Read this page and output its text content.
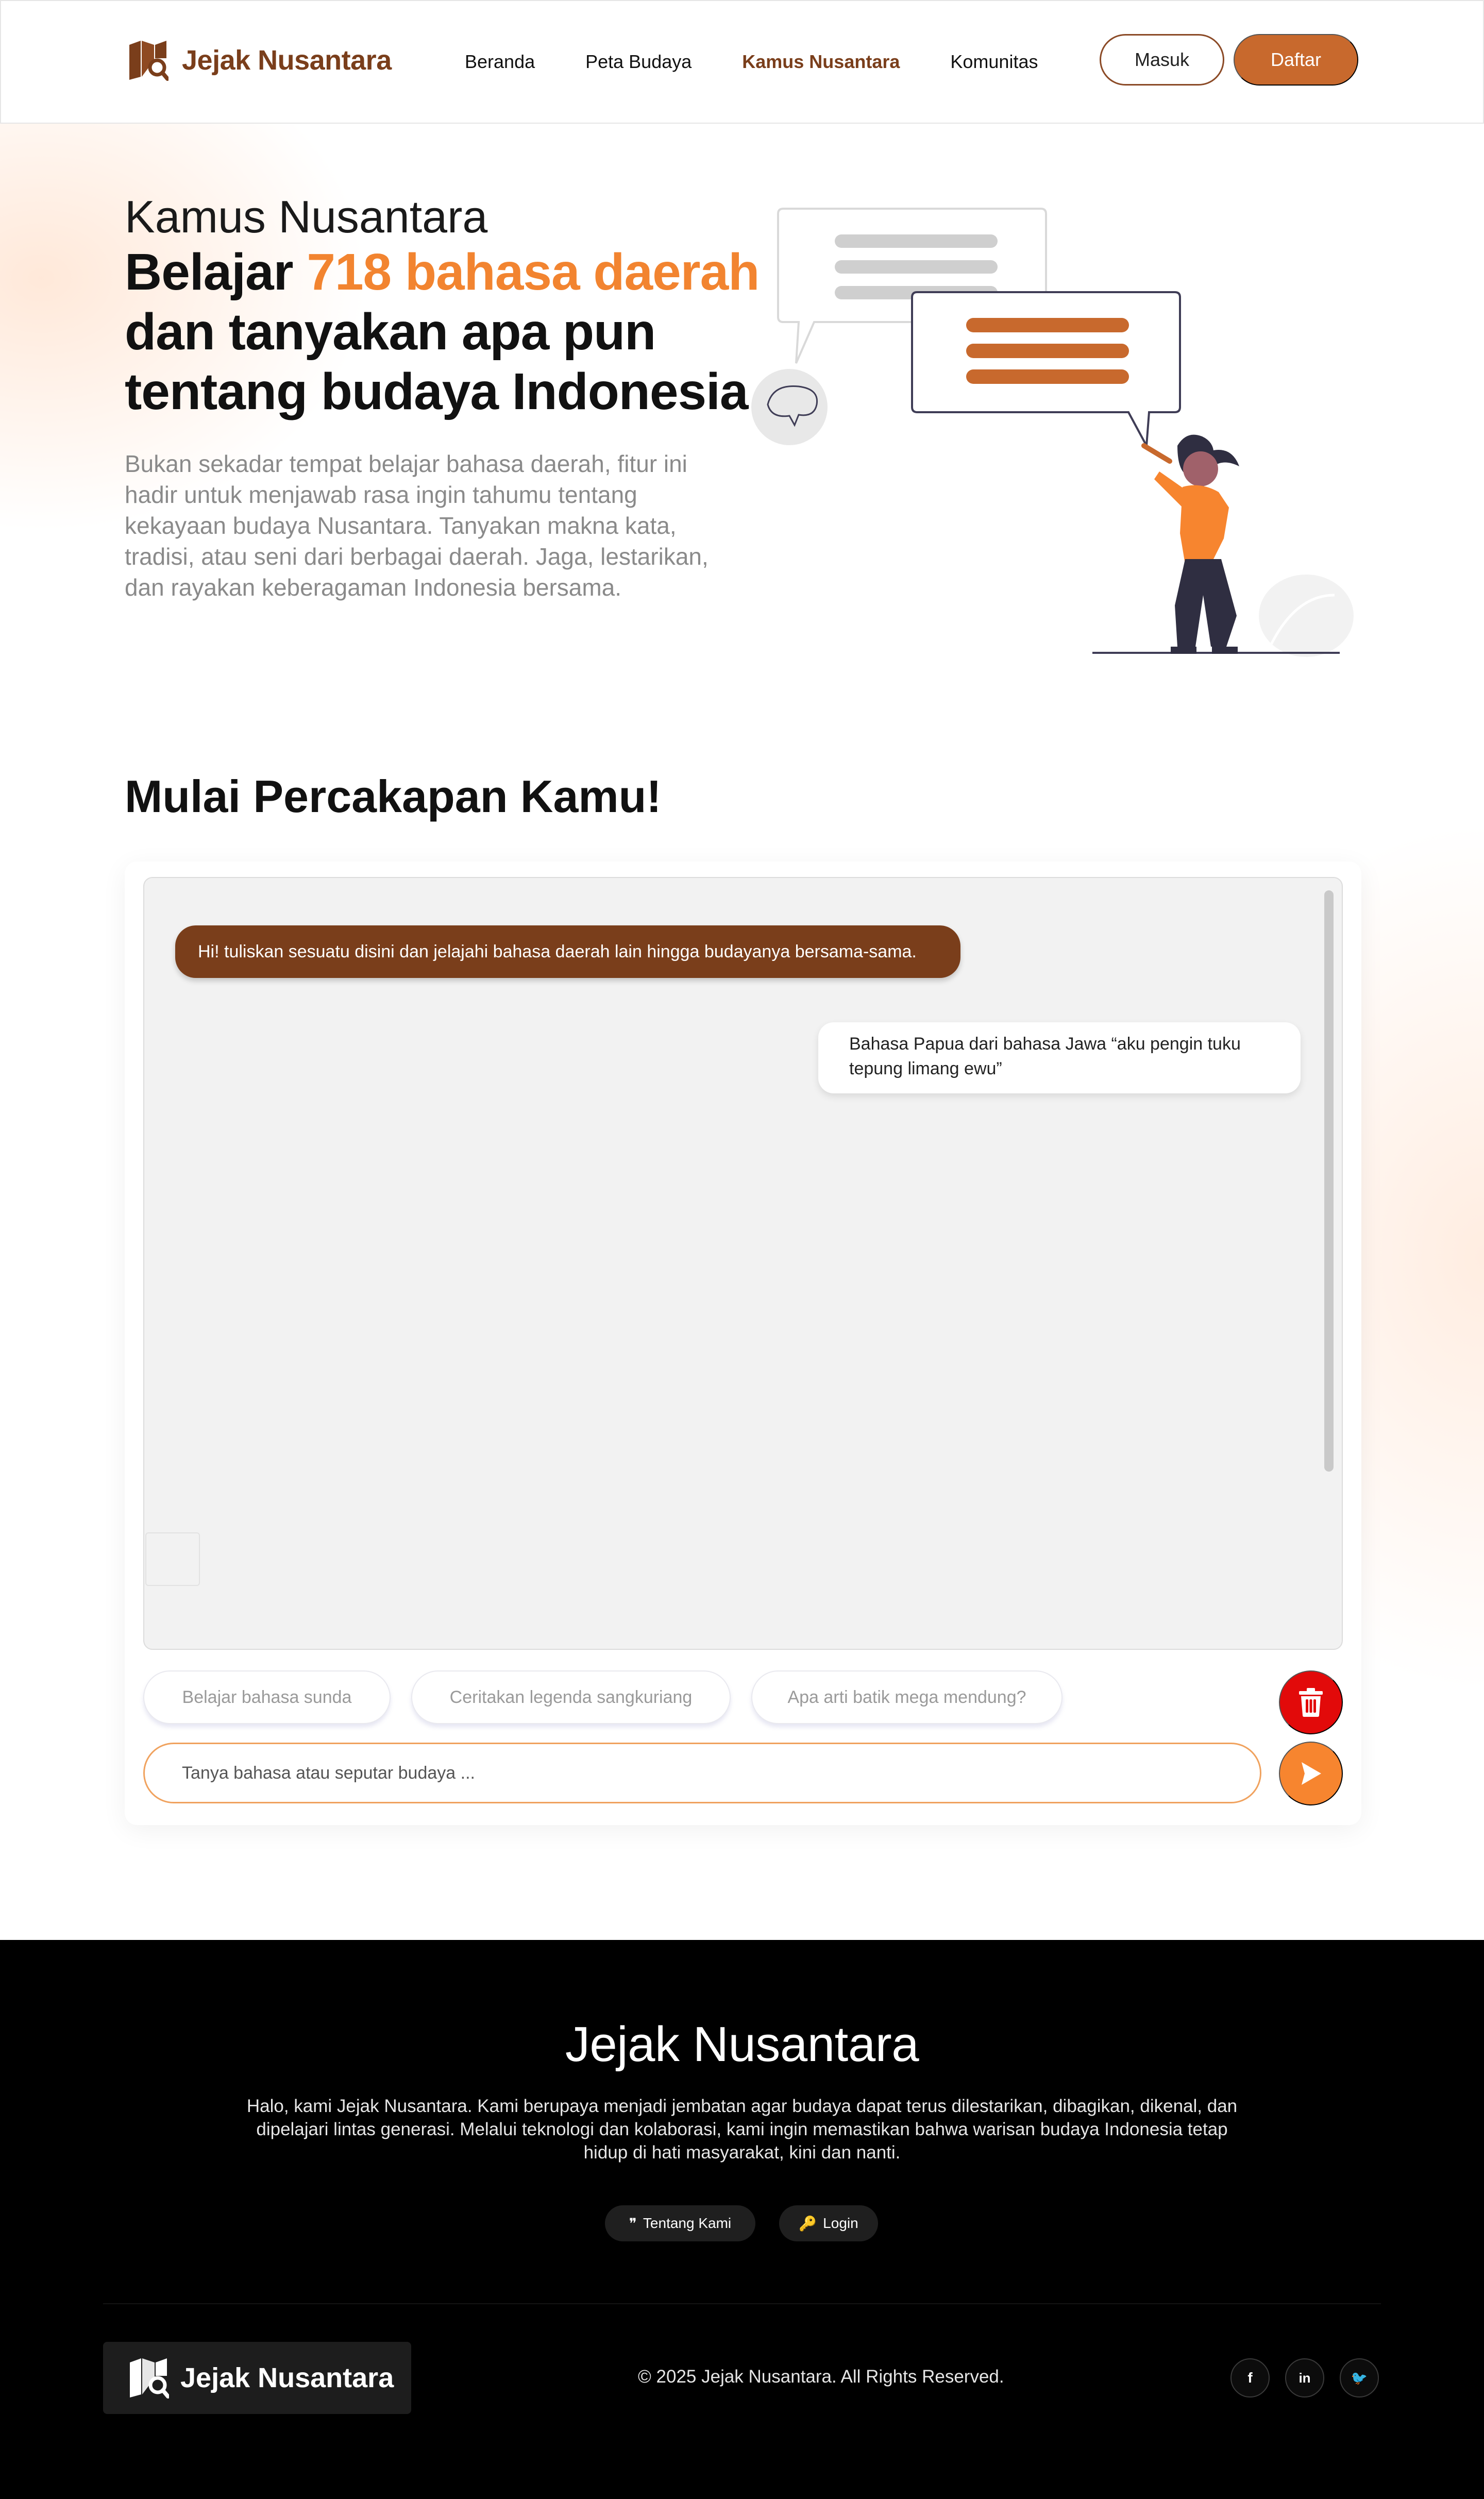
Jejak Nusantara	Beranda	Peta Budaya	Kamus Nusantara	Komunitas	Masuk	Daftar
Kamus Nusantara
Belajar 718 bahasa daerah dan tanyakan apa pun tentang budaya Indonesia

Bukan sekadar tempat belajar bahasa daerah, fitur ini hadir untuk menjawab rasa ingin tahumu tentang kekayaan budaya Nusantara. Tanyakan makna kata, tradisi, atau seni dari berbagai daerah. Jaga, lestarikan, dan rayakan keberagaman Indonesia bersama.

Mulai Percakapan Kamu!
Hi! tuliskan sesuatu disini dan jelajahi bahasa daerah lain hingga budayanya bersama-sama.
Bahasa Papua dari bahasa Jawa “aku pengin tuku tepung limang ewu”
Belajar bahasa sunda	Ceritakan legenda sangkuriang	Apa arti batik mega mendung?
Tanya bahasa atau seputar budaya ...
Jejak Nusantara

Halo, kami Jejak Nusantara. Kami berupaya menjadi jembatan agar budaya dapat terus dilestarikan, dibagikan, dikenal, dan dipelajari lintas generasi. Melalui teknologi dan kolaborasi, kami ingin memastikan bahwa warisan budaya Indonesia tetap hidup di hati masyarakat, kini dan nanti.

❞ Tentang Kami	🔑 Login
Jejak Nusantara	© 2025 Jejak Nusantara. All Rights Reserved.	f	in	🐦
